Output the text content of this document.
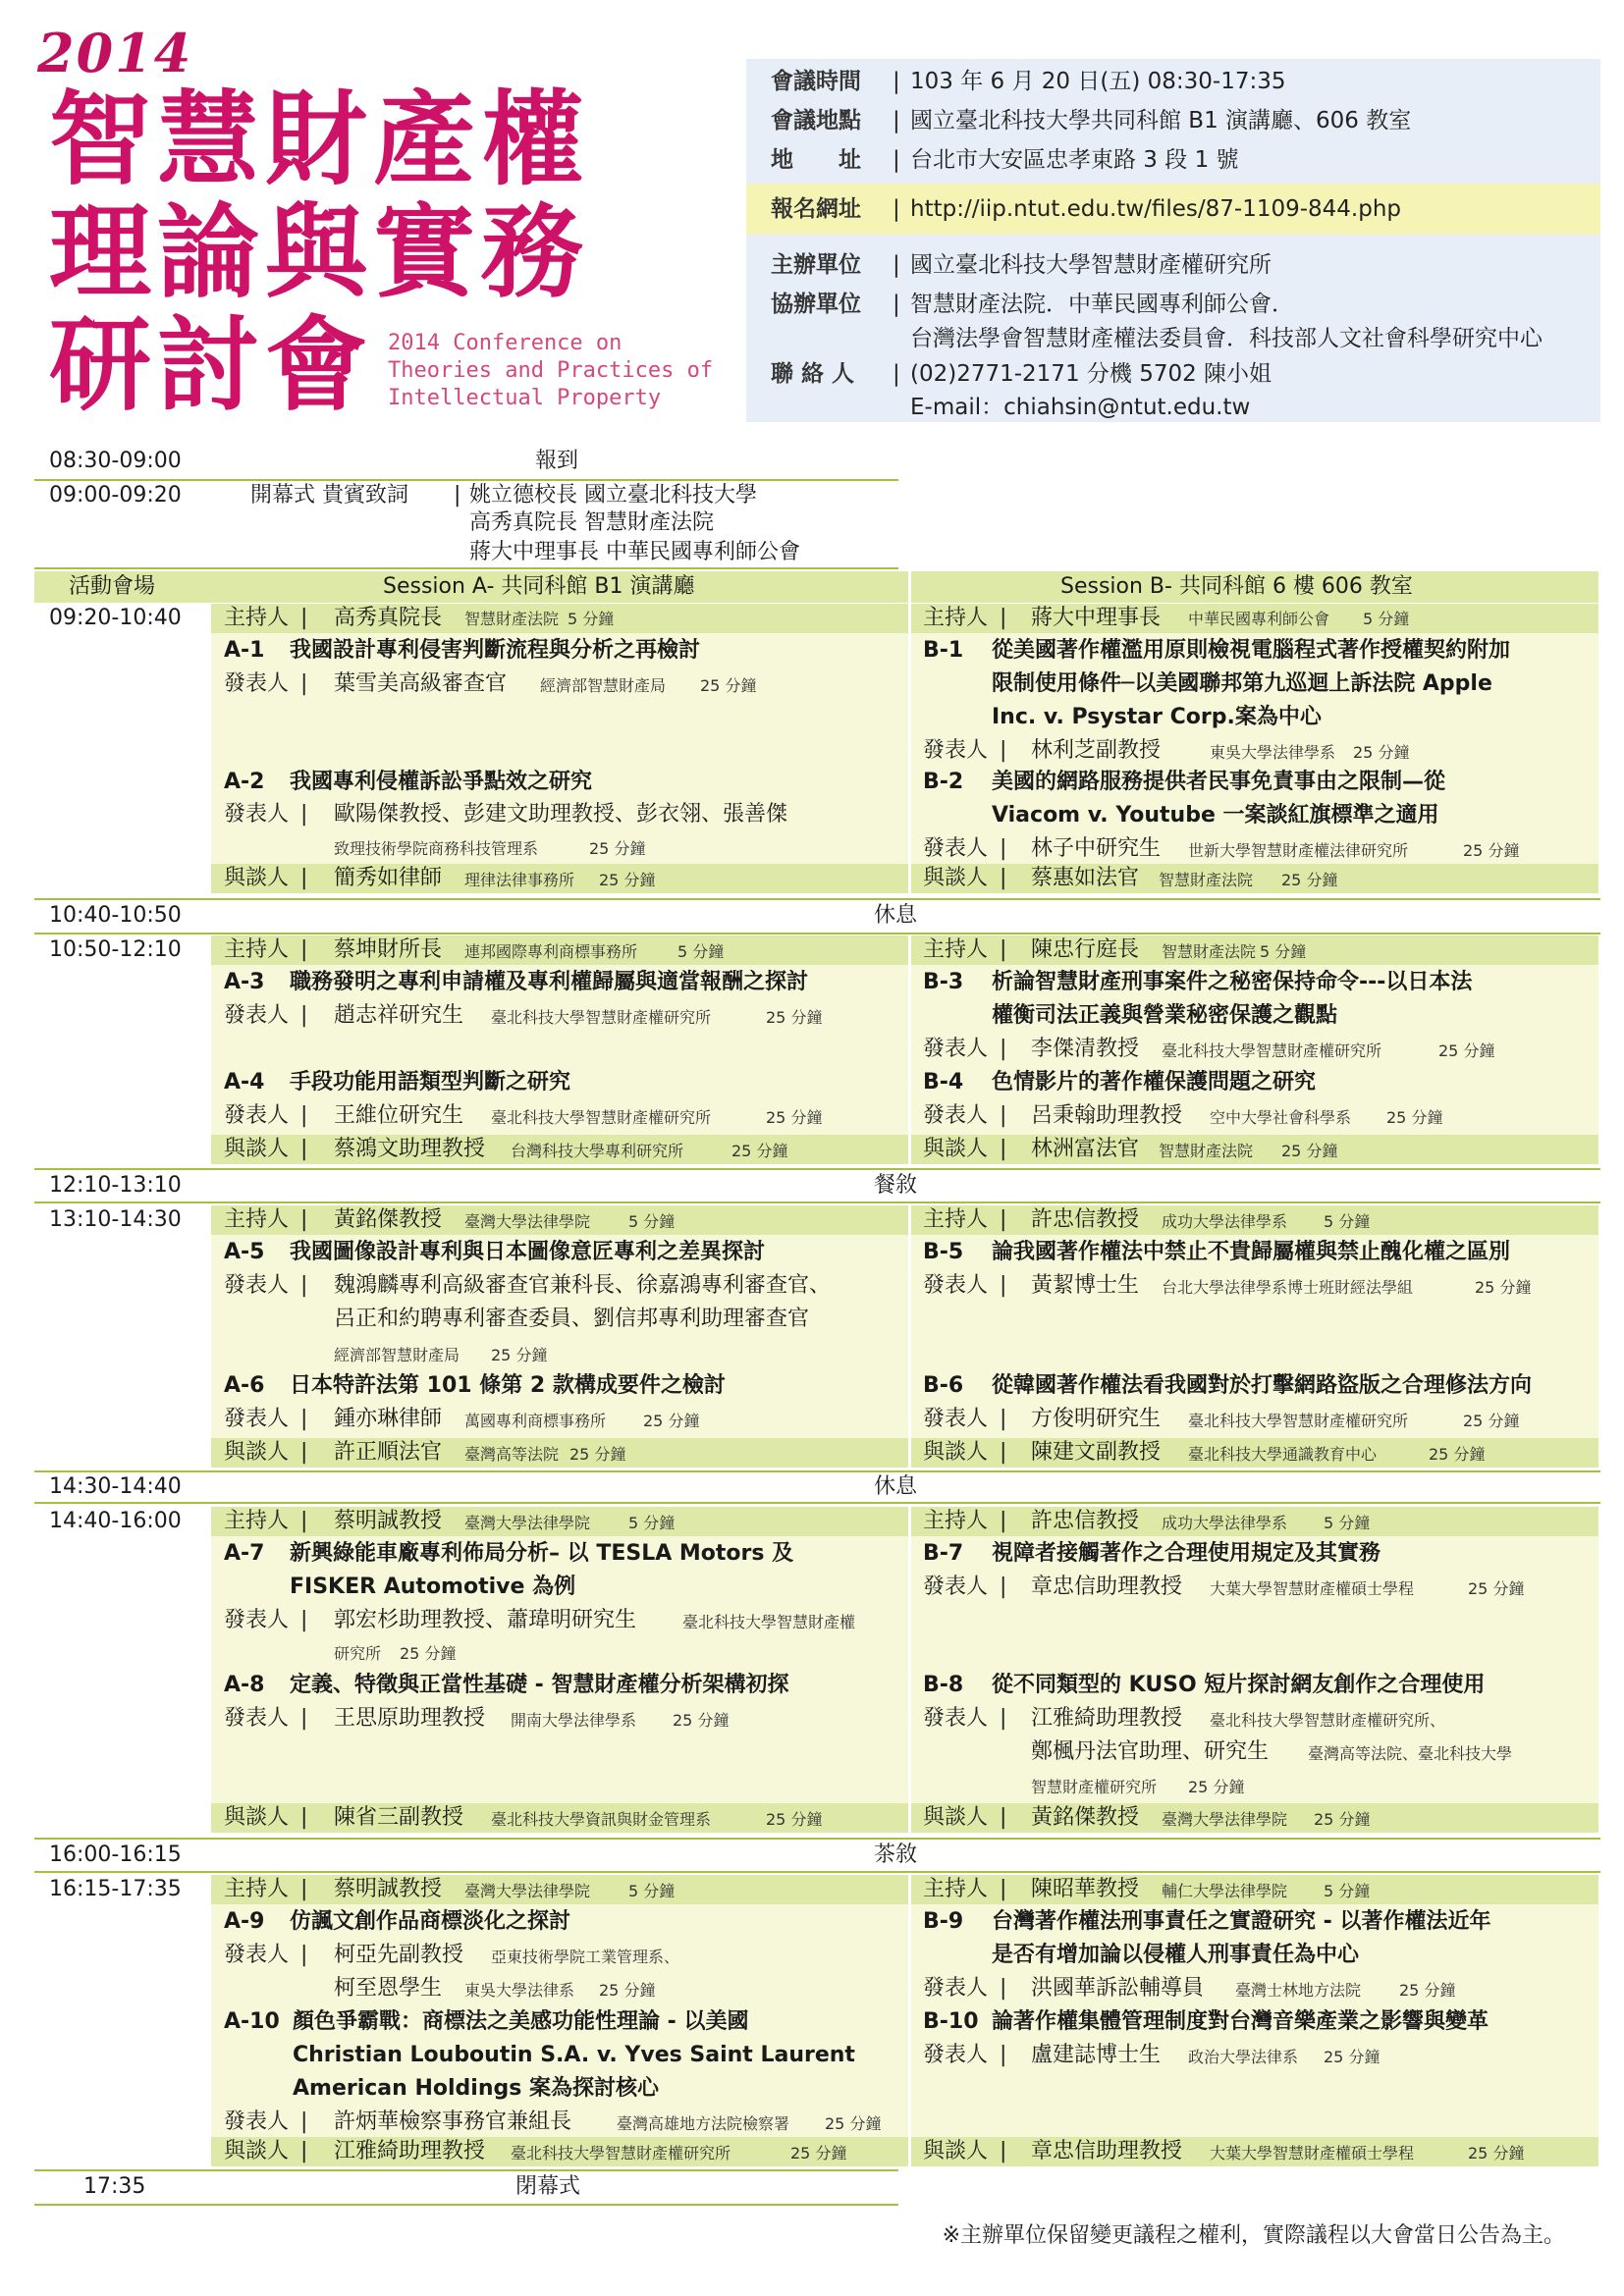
2014
智慧財產權
理論與實務
研討會 2014 Conference on
Theories and Practices of
Intellectual Property
會議時間 | 103 年 6 月 20 日(五) 08:30-17:35
會議地點 | 國立臺北科技大學共同科館 B1 演講廳、606 教室
地　　址 | 台北市大安區忠孝東路 3 段 1 號
報名網址 | http://iip.ntut.edu.tw/files/87-1109-844.php
主辦單位 | 國立臺北科技大學智慧財產權研究所
協辦單位 | 智慧財產法院．中華民國專利師公會．
台灣法學會智慧財產權法委員會．科技部人文社會科學研究中心
聯 絡 人 | (02)2771-2171 分機 5702 陳小姐
E-mail：chiahsin@ntut.edu.tw
08:30-09:00	報到
09:00-09:20	開幕式 貴賓致詞 | 姚立德校長 國立臺北科技大學
高秀真院長 智慧財產法院
蔣大中理事長 中華民國專利師公會
活動會場	Session A- 共同科館 B1 演講廳	Session B- 共同科館 6 樓 606 教室
09:20-10:40 主持人 | 高秀真院長 智慧財產法院 5 分鐘
A-1 我國設計專利侵害判斷流程與分析之再檢討
發表人 | 葉雪美高級審查官 經濟部智慧財產局 25 分鐘
A-2 我國專利侵權訴訟爭點效之研究
發表人 | 歐陽傑教授、彭建文助理教授、彭衣翎、張善傑
致理技術學院商務科技管理系	25 分鐘
與談人 | 簡秀如律師 理律法律事務所 25 分鐘
主持人 | 蔣大中理事長 中華民國專利師公會 5 分鐘
B-1 從美國著作權濫用原則檢視電腦程式著作授權契約附加
限制使用條件─以美國聯邦第九巡迴上訴法院 Apple
Inc. v. Psystar Corp.案為中心
發表人 | 林利芝副教授	東吳大學法律學系 25 分鐘
B-2 美國的網路服務提供者民事免責事由之限制—從
Viacom v. Youtube 一案談紅旗標準之適用
發表人 | 林子中研究生 世新大學智慧財產權法律研究所	25 分鐘
與談人 | 蔡惠如法官 智慧財產法院 25 分鐘
10:40-10:50	休息
10:50-12:10 主持人 | 蔡坤財所長 連邦國際專利商標事務所	5 分鐘
A-3 職務發明之專利申請權及專利權歸屬與適當報酬之探討
發表人 | 趙志祥研究生 臺北科技大學智慧財產權研究所	25 分鐘
A-4 手段功能用語類型判斷之研究
發表人 | 王維位研究生 臺北科技大學智慧財產權研究所	25 分鐘
與談人 | 蔡鴻文助理教授 台灣科技大學專利研究所	25 分鐘
主持人 | 陳忠行庭長 智慧財產法院 5 分鐘
B-3 析論智慧財產刑事案件之秘密保持命令---以日本法
權衡司法正義與營業秘密保護之觀點
發表人 | 李傑清教授 臺北科技大學智慧財產權研究所	25 分鐘
B-4 色情影片的著作權保護問題之研究
發表人 | 呂秉翰助理教授 空中大學社會科學系 25 分鐘
與談人 | 林洲富法官 智慧財產法院 25 分鐘
12:10-13:10	餐敘
13:10-14:30 主持人 | 黃銘傑教授 臺灣大學法律學院 5 分鐘
A-5 我國圖像設計專利與日本圖像意匠專利之差異探討
發表人 | 魏鴻麟專利高級審查官兼科長、徐嘉鴻專利審查官、
呂正和約聘專利審查委員、劉信邦專利助理審查官
經濟部智慧財產局 25 分鐘
A-6 日本特許法第 101 條第 2 款構成要件之檢討
發表人 | 鍾亦琳律師 萬國專利商標事務所 25 分鐘
與談人 | 許正順法官 臺灣高等法院 25 分鐘
主持人 | 許忠信教授 成功大學法律學系 5 分鐘
B-5 論我國著作權法中禁止不貴歸屬權與禁止醜化權之區別
發表人 | 黃絜博士生 台北大學法律學系博士班財經法學組	25 分鐘
B-6 從韓國著作權法看我國對於打擊網路盜版之合理修法方向
發表人 | 方俊明研究生 臺北科技大學智慧財產權研究所	25 分鐘
與談人 | 陳建文副教授 臺北科技大學通識教育中心	25 分鐘
14:30-14:40	休息
14:40-16:00 主持人 | 蔡明誠教授 臺灣大學法律學院 5 分鐘
A-7 新興綠能車廠專利佈局分析– 以 TESLA Motors 及
FISKER Automotive 為例
發表人 | 郭宏杉助理教授、蕭瑋明研究生	臺北科技大學智慧財產權
研究所 25 分鐘
A-8 定義、特徵與正當性基礎 - 智慧財產權分析架構初探
發表人 | 王思原助理教授 開南大學法律學系 25 分鐘
與談人 | 陳省三副教授 臺北科技大學資訊與財金管理系	25 分鐘
主持人 | 許忠信教授 成功大學法律學系 5 分鐘
B-7 視障者接觸著作之合理使用規定及其實務
發表人 | 章忠信助理教授 大葉大學智慧財產權碩士學程	25 分鐘
B-8 從不同類型的 KUSO 短片探討網友創作之合理使用
發表人 | 江雅綺助理教授 臺北科技大學智慧財產權研究所、
鄭楓丹法官助理、研究生 臺灣高等法院、臺北科技大學
智慧財產權研究所 25 分鐘
與談人 | 黃銘傑教授 臺灣大學法律學院 25 分鐘
16:00-16:15	茶敘
16:15-17:35 主持人 | 蔡明誠教授 臺灣大學法律學院 5 分鐘
A-9 仿諷文創作品商標淡化之探討
發表人 | 柯亞先副教授 亞東技術學院工業管理系、
柯至恩學生 東吳大學法律系 25 分鐘
A-10 顏色爭霸戰：商標法之美感功能性理論 - 以美國
Christian Louboutin S.A. v. Yves Saint Laurent
American Holdings 案為探討核心
發表人 | 許炳華檢察事務官兼組長	臺灣高雄地方法院檢察署 25 分鐘
與談人 | 江雅綺助理教授 臺北科技大學智慧財產權研究所	25 分鐘
主持人 | 陳昭華教授 輔仁大學法律學院 5 分鐘
B-9 台灣著作權法刑事責任之實證研究 - 以著作權法近年
是否有增加論以侵權人刑事責任為中心
發表人 | 洪國華訴訟輔導員 臺灣士林地方法院 25 分鐘
B-10 論著作權集體管理制度對台灣音樂產業之影響與變革
發表人 | 盧建誌博士生 政治大學法律系 25 分鐘
與談人 | 章忠信助理教授 大葉大學智慧財產權碩士學程	25 分鐘
17:35	閉幕式
※主辦單位保留變更議程之權利，實際議程以大會當日公告為主。
